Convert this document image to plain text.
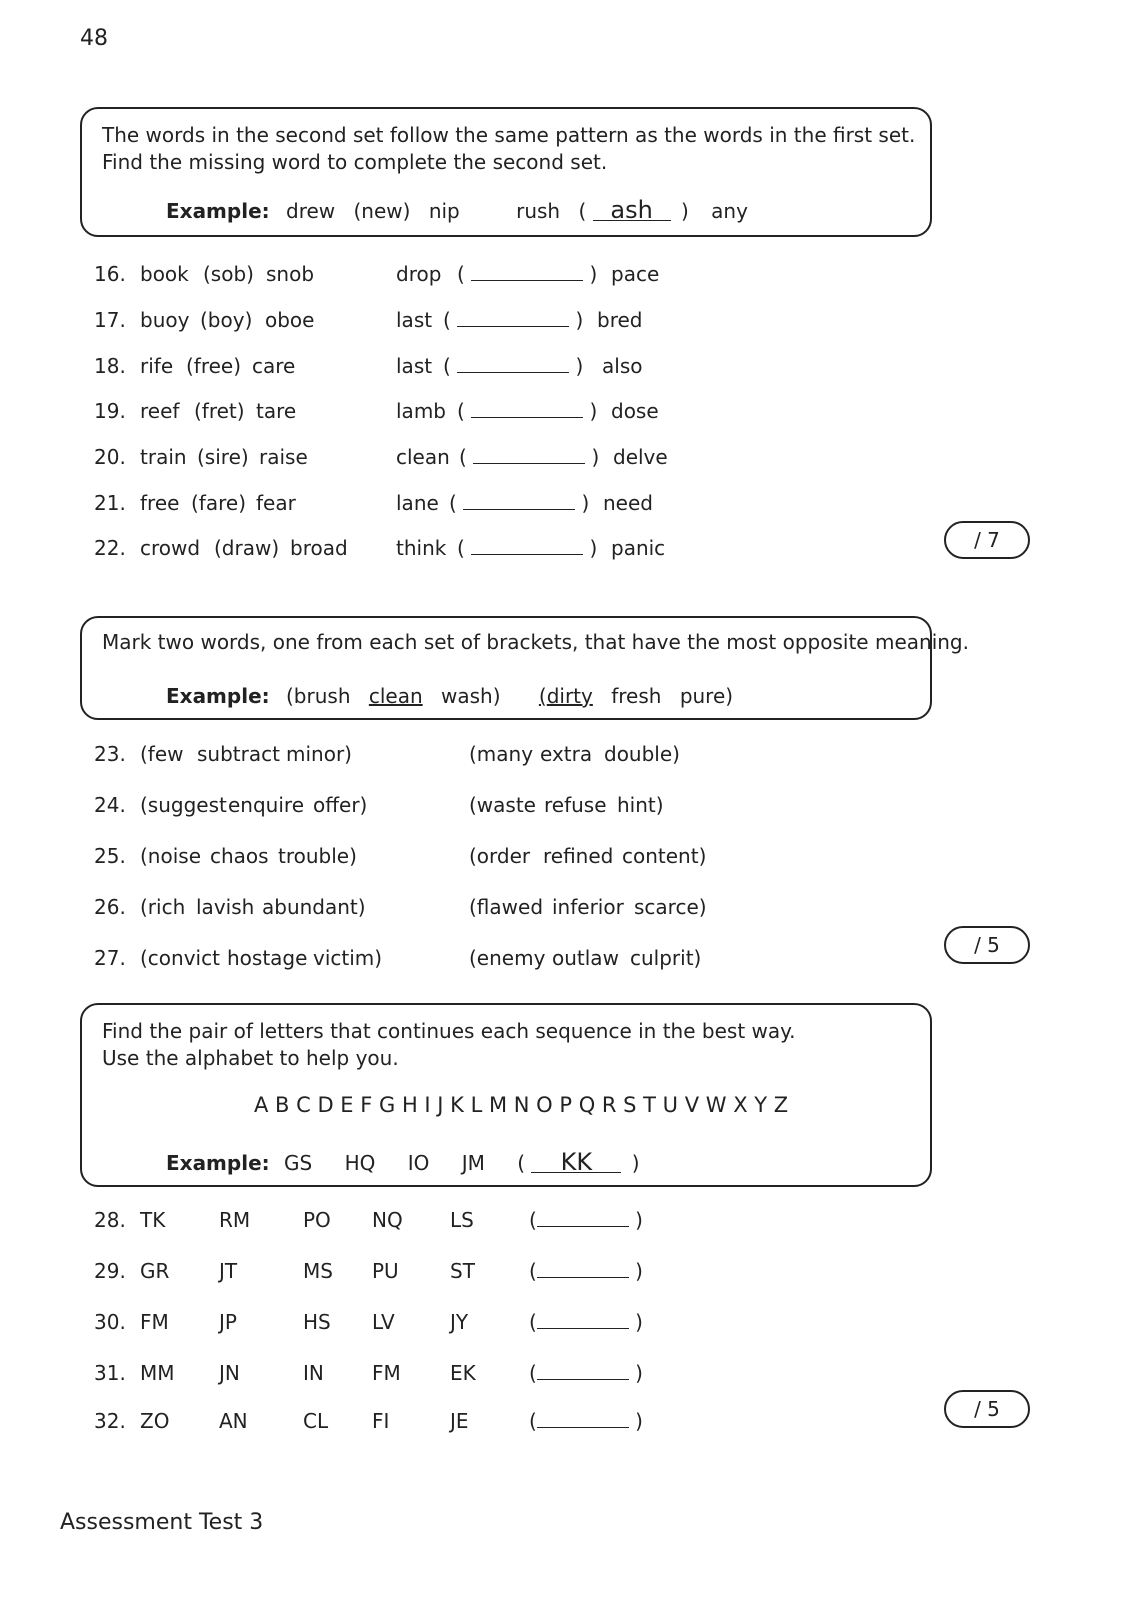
48
The words in the second set follow the same pattern as the words in the first set.
Find the missing word to complete the second set.
Example: drew (new) nip	rush ( ash ) any
16. book (sob) snob	drop (	) pace
17. buoy (boy) oboe	last (	) bred
18. rife (free) care	last (	) also
19. reef (fret) tare	lamb (	) dose
20. train (sire) raise	clean (	) delve
21. free (fare) fear	lane (	) need
22. crowd (draw) broad think (	) panic	/ 7
Mark two words, one from each set of brackets, that have the most opposite meaning.
Example: (brush clean wash) (dirty fresh pure)
23. (few subtract minor)	(many extra double)
24. (suggest enquire offer)	(waste refuse hint)
25. (noise chaos trouble)	(order refined content)
26. (rich lavish abundant)	(flawed inferior scarce)
27. (convict hostage victim)	(enemy outlaw culprit)
/ 5
Find the pair of letters that continues each sequence in the best way.
Use the alphabet to help you.
A B C D E F G H I J K L M N O P Q R S T U V W X Y Z
Example: GS HQ IO JM ( KK )
28. TK	RM	PO NQ LS	(	)
29. GR JT	MS PU	ST	(	)
30. FM	JP	HS LV	JY	(	)
31. MM JN	IN FM EK	(	)
32. ZO AN	CL FI	JE	(	)	/ 5
Assessment Test 3
